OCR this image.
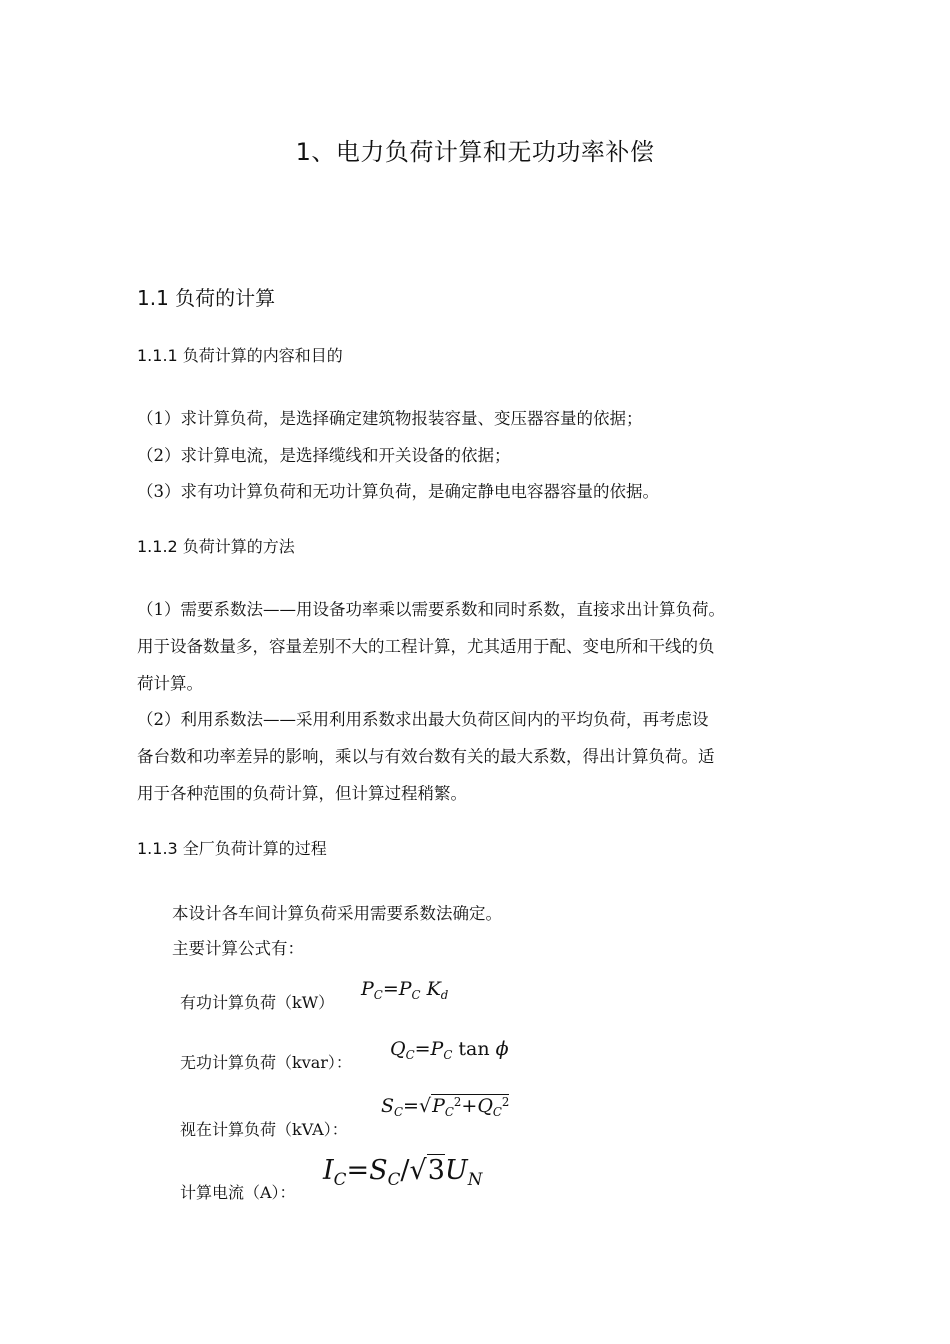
1、电力负荷计算和无功功率补偿
1.1 负荷的计算
1.1.1 负荷计算的内容和目的
（1）求计算负荷，是选择确定建筑物报装容量、变压器容量的依据；
（2）求计算电流，是选择缆线和开关设备的依据；
（3）求有功计算负荷和无功计算负荷，是确定静电电容器容量的依据。
1.1.2 负荷计算的方法
（1）需要系数法——用设备功率乘以需要系数和同时系数，直接求出计算负荷。
用于设备数量多，容量差别不大的工程计算，尤其适用于配、变电所和干线的负
荷计算。
（2）利用系数法——采用利用系数求出最大负荷区间内的平均负荷，再考虑设
备台数和功率差异的影响，乘以与有效台数有关的最大系数，得出计算负荷。适
用于各种范围的负荷计算，但计算过程稍繁。
1.1.3 全厂负荷计算的过程
本设计各车间计算负荷采用需要系数法确定。
主要计算公式有：
有功计算负荷（kW）
$P_C=P_C$ $K_d$
无功计算负荷（kvar）：
$Q_C=P_C$ tan ϕ
视在计算负荷（kVA）：
$S_C=√P_C^2+Q_C^2$
计算电流（A）：
$I_C=S_C/√3U_N$
